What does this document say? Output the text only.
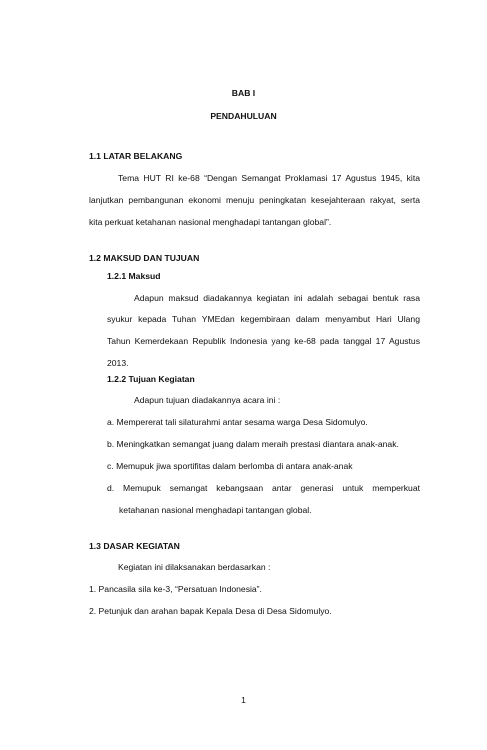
BAB I
PENDAHULUAN
1.1 LATAR BELAKANG
Tema HUT RI ke-68 “Dengan Semangat Proklamasi 17 Agustus 1945, kita
lanjutkan pembangunan ekonomi menuju peningkatan kesejahteraan rakyat, serta
kita perkuat ketahanan nasional menghadapi tantangan global”.
1.2 MAKSUD DAN TUJUAN
1.2.1 Maksud
Adapun maksud diadakannya kegiatan ini adalah sebagai bentuk rasa
syukur kepada Tuhan YMEdan kegembiraan dalam menyambut Hari Ulang
Tahun Kemerdekaan Republik Indonesia yang ke-68 pada tanggal 17 Agustus
2013.
1.2.2 Tujuan Kegiatan
Adapun tujuan diadakannya acara ini :
a. Mempererat tali silaturahmi antar sesama warga Desa Sidomulyo.
b. Meningkatkan semangat juang dalam meraih prestasi diantara anak-anak.
c. Memupuk jiwa sportifitas dalam berlomba di antara anak-anak
d. Memupuk semangat kebangsaan antar generasi untuk memperkuat
ketahanan nasional menghadapi tantangan global.
1.3 DASAR KEGIATAN
Kegiatan ini dilaksanakan berdasarkan :
1. Pancasila sila ke-3, “Persatuan Indonesia”.
2. Petunjuk dan arahan bapak Kepala Desa di Desa Sidomulyo.
1
